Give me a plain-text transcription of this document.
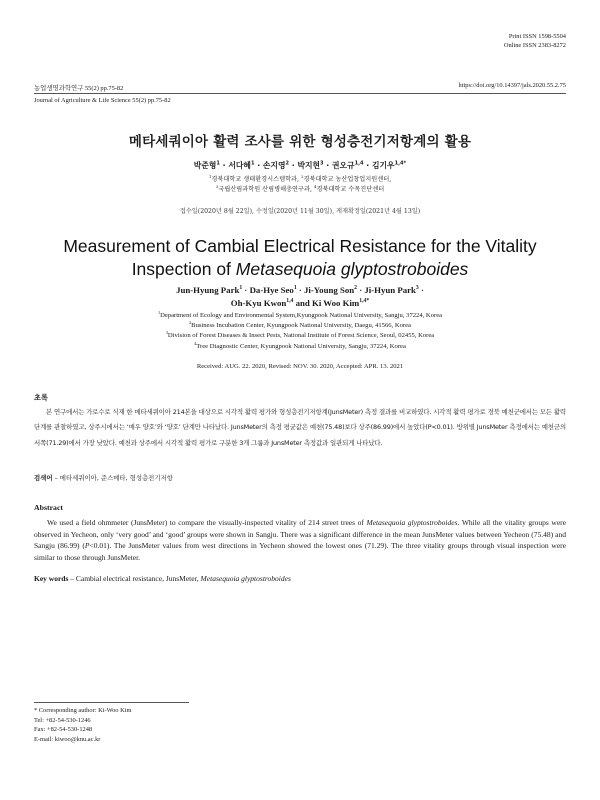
Print ISSN 1598-5504
Online ISSN 2383-8272
농업생명과학연구 55(2) pp.75-82	https://doi.org/10.14397/jals.2020.55.2.75
Journal of Agriculture & Life Science 55(2) pp.75-82
메타세쿼이아 활력 조사를 위한 형성층전기저항계의 활용
박준형$^1$ · 서다혜$^1$ · 손지영$^2$ · 박지현$^3$ · 권오규$^{1,4}$ · 김기우$^{1,4*}$
$^1$경북대학교 생태환경시스템학과, $^2$경북대학교 농산업창업지원센터,
$^3$국립산림과학원 산림병해충연구과, $^4$경북대학교 수목진단센터
접수일(2020년 8월 22일), 수정일(2020년 11월 30일), 게재확정일(2021년 4월 13일)
Measurement of Cambial Electrical Resistance for the Vitality
Inspection of Metasequoia glyptostroboides
Jun-Hyung Park$^1$ · Da-Hye Seo$^1$ · Ji-Young Son$^2$ · Ji-Hyun Park$^3$ ·
Oh-Kyu Kwon$^{1,4}$ and Ki Woo Kim$^{1,4*}$
$^1$Department of Ecology and Environmental System,Kyungpook National University, Sangju, 37224, Korea
$^2$Business Incubation Center, Kyungpook National University, Daegu, 41566, Korea
$^3$Division of Forest Diseases & Insect Pests, National Institute of Forest Science, Seoul, 02455, Korea
$^4$Tree Diagnostic Center, Kyungpook National University, Sangju, 37224, Korea
Received: AUG. 22. 2020, Revised: NOV. 30. 2020, Accepted: APR. 13. 2021
초록
본 연구에서는 가로수로 식재 한 메타세쿼이아 214본을 대상으로 시각적 활력 평가와 형성층전기저항계(JunsMeter) 측정 결과를 비교하였다. 시각적 활력 평가로 경북 예천군에서는 모든 활력 단계를 관찰하였고, 상주시에서는 ‘매우 양호’와 ‘양호’ 단계만 나타났다. JunsMeter의 측정 평균값은 예천(75.48)보다 상주(86.99)에서 높았다(P<0.01). 방위별 JunsMeter 측정에서는 예천군의 서쪽(71.29)에서 가장 낮았다. 예천과 상주에서 시각적 활력 평가로 구분한 3개 그룹과 JunsMeter 측정값과 일관되게 나타났다.
검색어 – 메타세쿼이아, 준스메타, 형성층전기저항
Abstract
We used a field ohmmeter (JunsMeter) to compare the visually-inspected vitality of 214 street trees of Metasequoia glyptostroboides. While all the vitality groups were observed in Yecheon, only ‘very good’ and ‘good’ groups were shown in Sangju. There was a significant difference in the mean JunsMeter values between Yecheon (75.48) and Sangju (86.99) (P<0.01). The JunsMeter values from west directions in Yecheon showed the lowest ones (71.29). The three vitality groups through visual inspection were similar to those through JunsMeter.
Key words – Cambial electrical resistance, JunsMeter, Metasequoia glyptostroboides
* Corresponding author: Ki-Woo Kim
Tel: +82-54-530-1246
Fax: +82-54-530-1248
E-mail: kiwoo@knu.ac.kr
